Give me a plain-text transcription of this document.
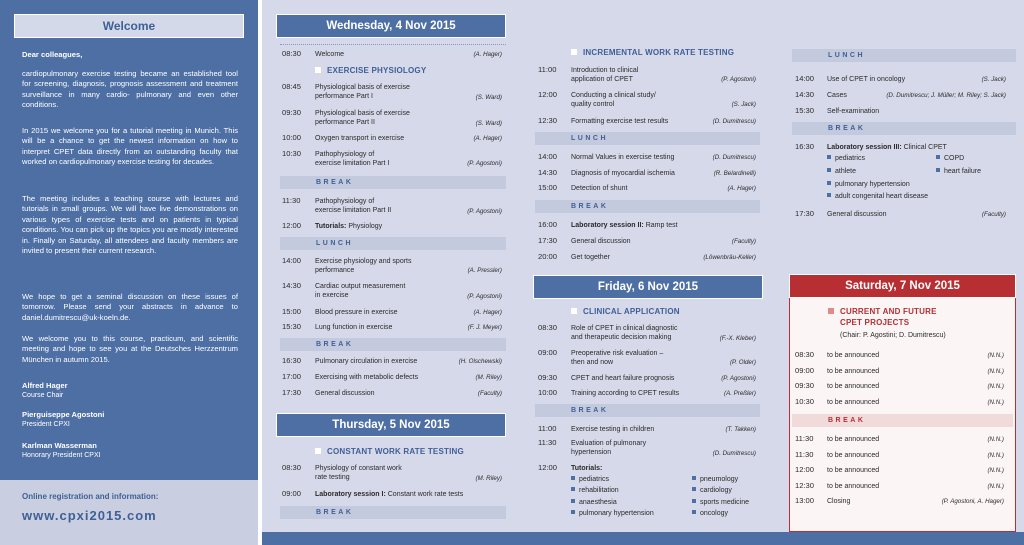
Welcome
Dear colleagues,
cardiopulmonary exercise testing became an established tool for screening, diagnosis, prognosis assessment and treatment surveillance in many cardio- pulmonary and even other conditions.
In 2015 we welcome you for a tutorial meeting in Munich. This will be a chance to get the newest information on how to interpret CPET data directly from an outstanding faculty that worked on cardiopulmonary exercise testing for decades.
The meeting includes a teaching course with lectures and tutorials in small groups. We will have live demonstrations on various types of exercise tests and on patients in typical conditions. You can pick up the topics you are mostly interested in. Finally on Saturday, all attendees and faculty members are invited to present their current research.
We hope to get a seminal discussion on these issues of tomorrow. Please send your abstracts in advance to daniel.dumitrescu@uk-koeln.de.
We welcome you to this course, practicum, and scientific meeting and hope to see you at the Deutsches Herzzentrum München in autumn 2015.
Alfred Hager
Course Chair
Pierguiseppe Agostoni
President CPXI
Karlman Wasserman
Honorary President CPXI
Online registration and information:
www.cpxi2015.com
Wednesday, 4 Nov 2015
08:30 Welcome	(A. Hager)
EXERCISE PHYSIOLOGY
08:45 Physiological basis of exercise
performance Part I	(S. Ward)
09:30 Physiological basis of exercise
performance Part II	(S. Ward)
10:00 Oxygen transport in exercise	(A. Hager)
10:30 Pathophysiology of
exercise limitation Part I	(P. Agostoni)
BREAK
11:30 Pathophysiology of
exercise limitation Part II	(P. Agostoni)
12:00 Tutorials: Physiology
LUNCH
14:00 Exercise physiology and sports
performance	(A. Pressler)
14:30 Cardiac output measurement
in exercise	(P. Agostoni)
15:00 Blood pressure in exercise	(A. Hager)
15:30 Lung function in exercise	(F. J. Meyer)
BREAK
16:30 Pulmonary circulation in exercise	(H. Olschewski)
17:00 Exercising with metabolic defects	(M. Riley)
17:30 General discussion	(Faculty)
Thursday, 5 Nov 2015
CONSTANT WORK RATE TESTING
08:30 Physiology of constant work
rate testing	(M. Riley)
09:00 Laboratory session I: Constant work rate tests
BREAK
INCREMENTAL WORK RATE TESTING
11:00 Introduction to clinical
application of CPET	(P. Agostoni)
12:00 Conducting a clinical study/
quality control	(S. Jack)
12:30 Formatting exercise test results	(D. Dumitrescu)
LUNCH
14:00 Normal Values in exercise testing	(D. Dumitrescu)
14:30 Diagnosis of myocardial ischemia	(R. Belardinelli)
15:00 Detection of shunt	(A. Hager)
BREAK
16:00 Laboratory session II: Ramp test
17:30 General discussion	(Faculty)
20:00 Get together	(Löwenbräu-Keller)
Friday, 6 Nov 2015
CLINICAL APPLICATION
08:30 Role of CPET in clinical diagnostic
and therapeutic decision making	(F.-X. Kleber)
09:00 Preoperative risk evaluation –
then and now	(P. Older)
09:30 CPET and heart failure prognosis	(P. Agostoni)
10:00 Training according to CPET results	(A. Preßler)
BREAK
11:00 Exercise testing in children	(T. Takken)
11:30 Evaluation of pulmonary
hypertension	(D. Dumitrescu)
12:00 Tutorials:
pediatrics
rehabilitation
anaesthesia
pulmonary hypertension
pneumology
cardiology
sports medicine
oncology
LUNCH
14:00 Use of CPET in oncology	(S. Jack)
14:30 Cases	(D. Dumitrescu; J. Müller; M. Riley; S. Jack)
15:30 Self-examination
BREAK
16:30 Laboratory session III: Clinical CPET
pediatrics
athlete
pulmonary hypertension
adult congenital heart disease
COPD
heart failure
17:30 General discussion	(Faculty)
Saturday, 7 Nov 2015
CURRENT AND FUTURE
CPET PROJECTS
(Chair: P. Agostini; D. Dumitrescu)
08:30 to be announced	(N.N.)
09:00 to be announced	(N.N.)
09:30 to be announced	(N.N.)
10:30 to be announced	(N.N.)
BREAK
11:30 to be announced	(N.N.)
11:30 to be announced	(N.N.)
12:00 to be announced	(N.N.)
12:30 to be announced	(N.N.)
13:00 Closing	(P. Agostoni, A. Hager)
